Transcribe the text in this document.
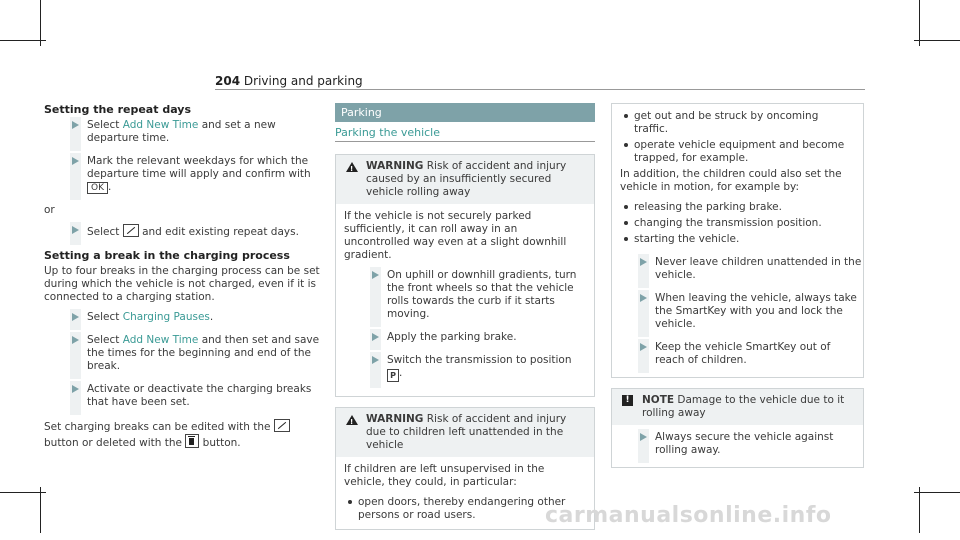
204 Driving and parking
Setting the repeat days
Select Add New Time and set a new departure time.
Mark the relevant weekdays for which the departure time will apply and confirm with
OK .

or

Select and edit existing repeat days.
Setting a break in the charging process

Up to four breaks in the charging process can be set during which the vehicle is not charged, even if it is connected to a charging station.

Select Charging Pauses.
Select Add New Time and then set and save the times for the beginning and end of the break.
Activate or deactivate the charging breaks that have been set.

Set charging breaks can be edited with the
button or deleted with the button.

Parking
Parking the vehicle
!
WARNING Risk of accident and injury caused by an insufficiently secured vehicle rolling away

If the vehicle is not securely parked sufficiently, it can roll away in an uncontrolled way even at a slight downhill gradient.

On uphill or downhill gradients, turn the front wheels so that the vehicle rolls towards the curb if it starts moving.
Apply the parking brake.
Switch the transmission to position P .
!
WARNING Risk of accident and injury due to children left unattended in the vehicle

If children are left unsupervised in the vehicle, they could, in particular:

open doors, thereby endangering other persons or road users.
get out and be struck by oncoming traffic.
operate vehicle equipment and become trapped, for example.

In addition, the children could also set the vehicle in motion, for example by:

releasing the parking brake.
changing the transmission position.
starting the vehicle.
Never leave children unattended in the vehicle.
When leaving the vehicle, always take the SmartKey with you and lock the vehicle.
Keep the vehicle SmartKey out of reach of children.
!	NOTE Damage to the vehicle due to it rolling away
Always secure the vehicle against rolling away.
carmanualsonline.info
